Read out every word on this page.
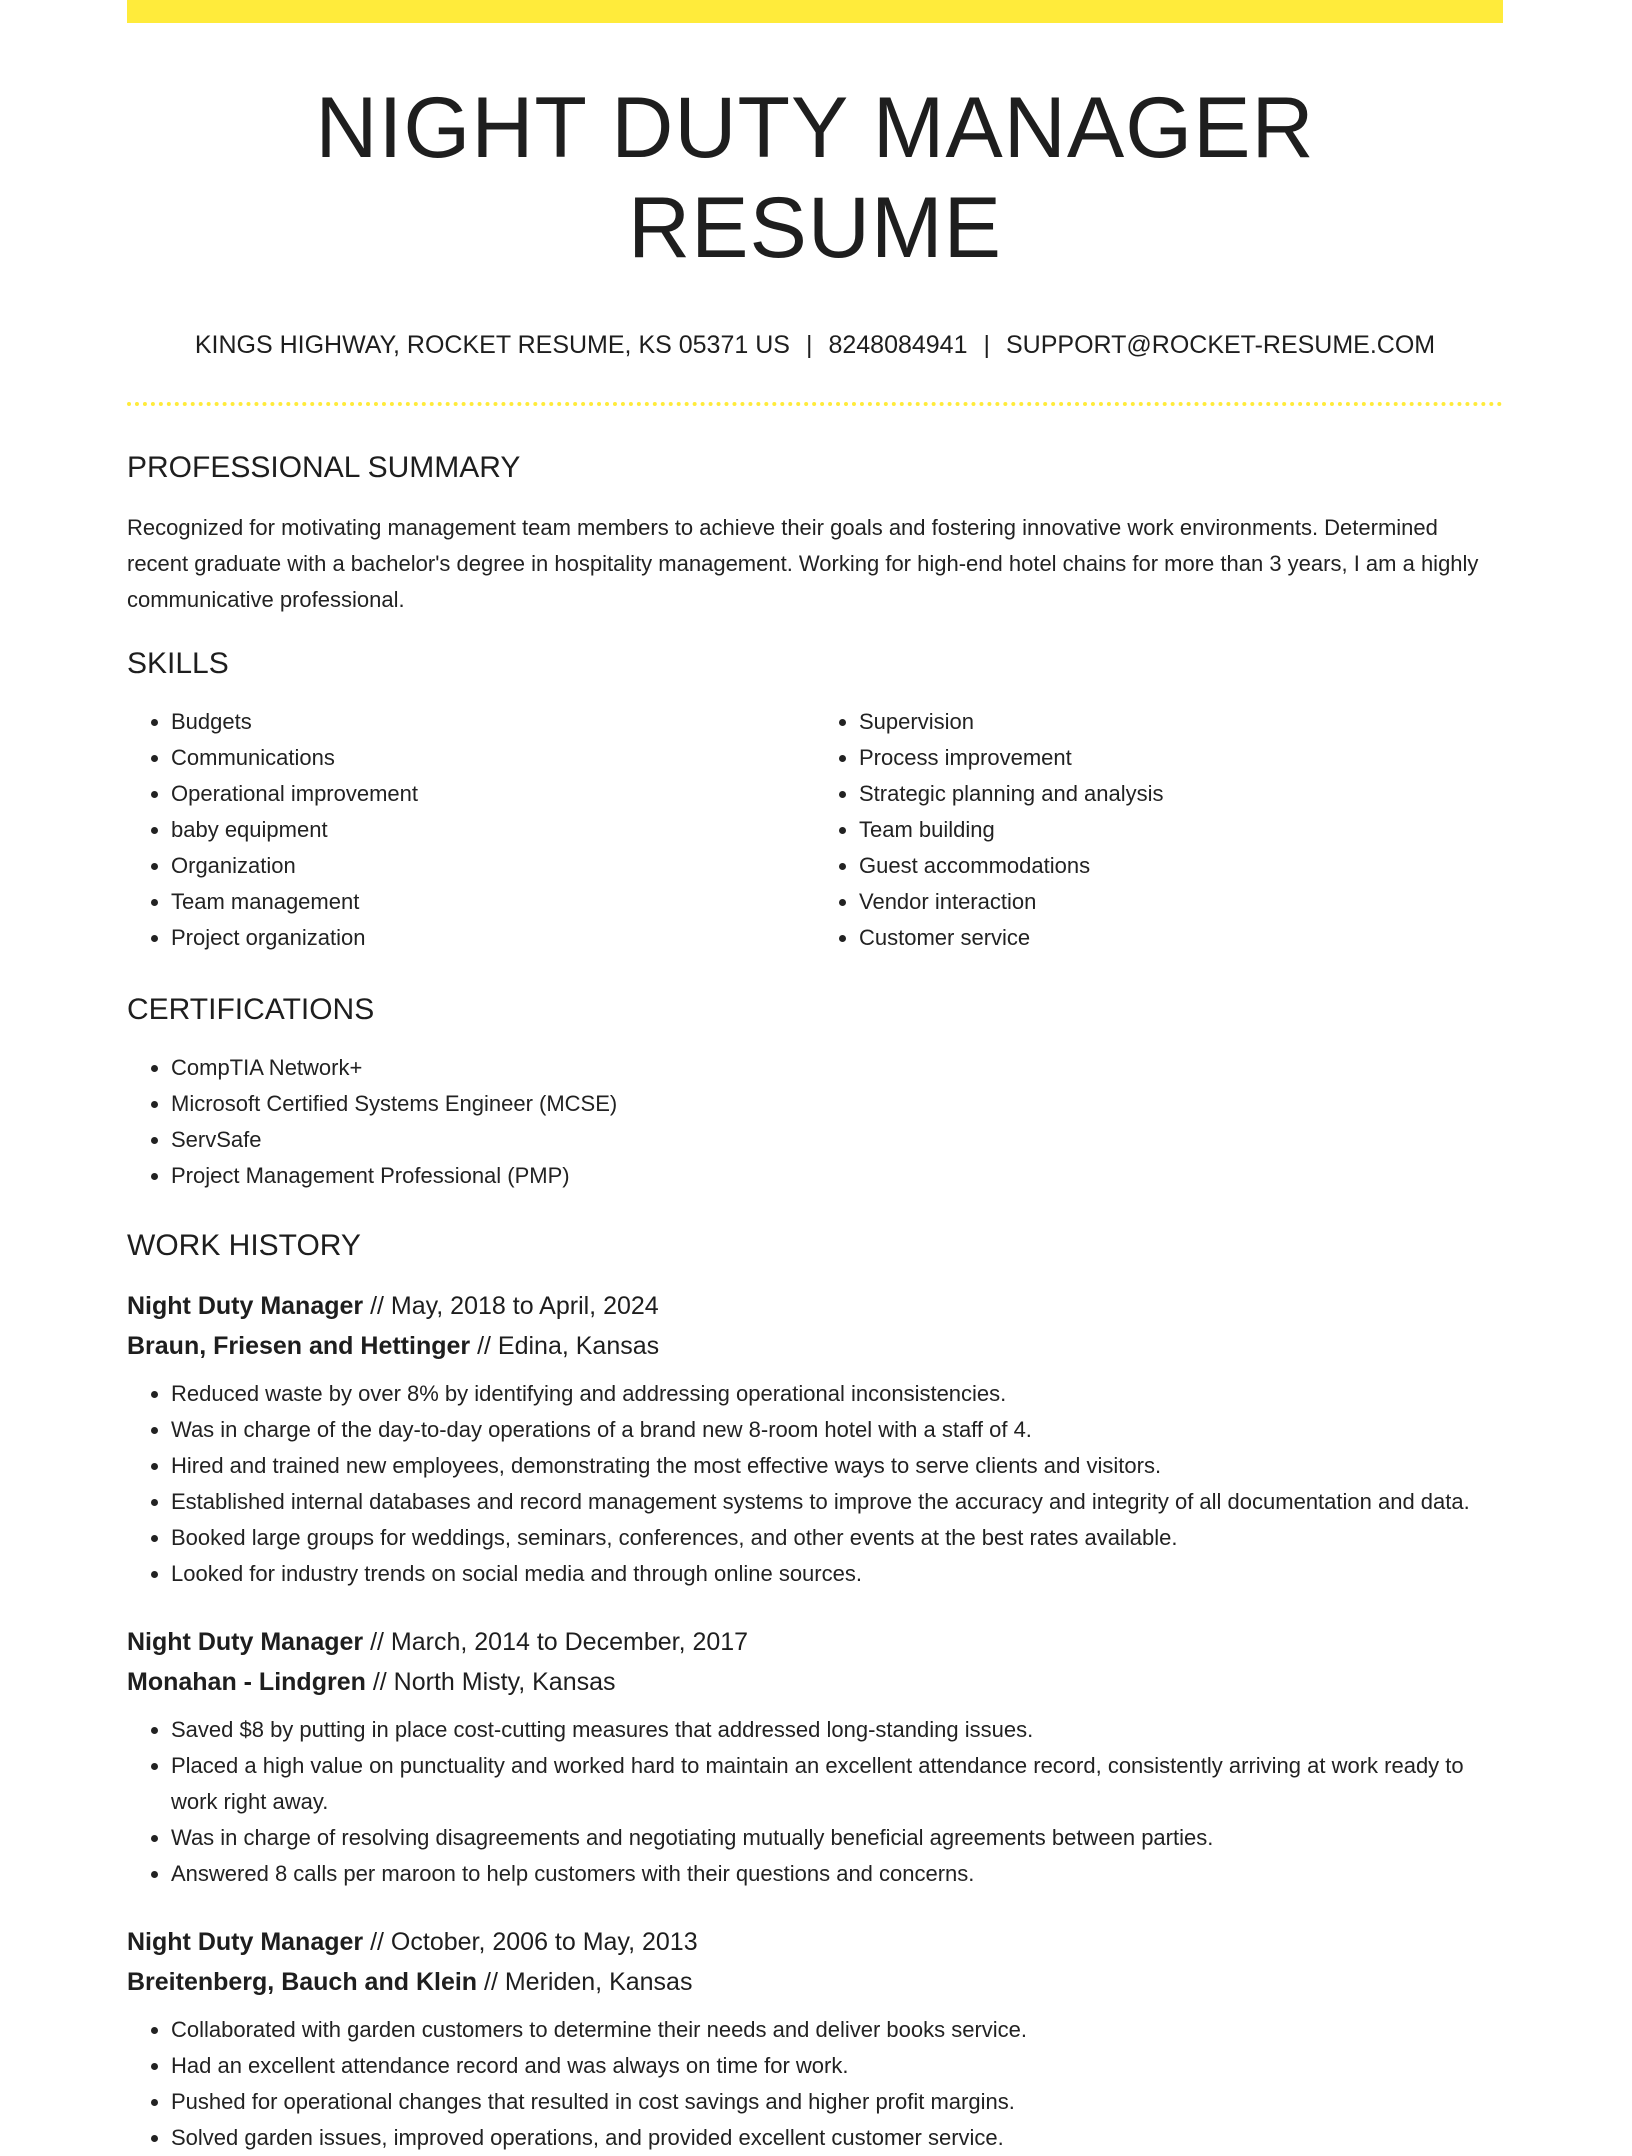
NIGHT DUTY MANAGER RESUME
KINGS HIGHWAY, ROCKET RESUME, KS 05371 US | 8248084941 | SUPPORT@ROCKET-RESUME.COM
PROFESSIONAL SUMMARY

Recognized for motivating management team members to achieve their goals and fostering innovative work environments. Determined recent graduate with a bachelor's degree in hospitality management. Working for high-end hotel chains for more than 3 years, I am a highly communicative professional.

SKILLS
• Budgets
• Communications
• Operational improvement
• baby equipment
• Organization
• Team management
• Project organization
• Supervision
• Process improvement
• Strategic planning and analysis
• Team building
• Guest accommodations
• Vendor interaction
• Customer service
CERTIFICATIONS
• CompTIA Network+
• Microsoft Certified Systems Engineer (MCSE)
• ServSafe
• Project Management Professional (PMP)
WORK HISTORY
Night Duty Manager // May, 2018 to April, 2024
Braun, Friesen and Hettinger // Edina, Kansas
• Reduced waste by over 8% by identifying and addressing operational inconsistencies.
• Was in charge of the day-to-day operations of a brand new 8-room hotel with a staff of 4.
• Hired and trained new employees, demonstrating the most effective ways to serve clients and visitors.
• Established internal databases and record management systems to improve the accuracy and integrity of all documentation and data.
• Booked large groups for weddings, seminars, conferences, and other events at the best rates available.
• Looked for industry trends on social media and through online sources.
Night Duty Manager // March, 2014 to December, 2017
Monahan - Lindgren // North Misty, Kansas
• Saved $8 by putting in place cost-cutting measures that addressed long-standing issues.
• Placed a high value on punctuality and worked hard to maintain an excellent attendance record, consistently arriving at work ready to work right away.
• Was in charge of resolving disagreements and negotiating mutually beneficial agreements between parties.
• Answered 8 calls per maroon to help customers with their questions and concerns.
Night Duty Manager // October, 2006 to May, 2013
Breitenberg, Bauch and Klein // Meriden, Kansas
• Collaborated with garden customers to determine their needs and deliver books service.
• Had an excellent attendance record and was always on time for work.
• Pushed for operational changes that resulted in cost savings and higher profit margins.
• Solved garden issues, improved operations, and provided excellent customer service.
